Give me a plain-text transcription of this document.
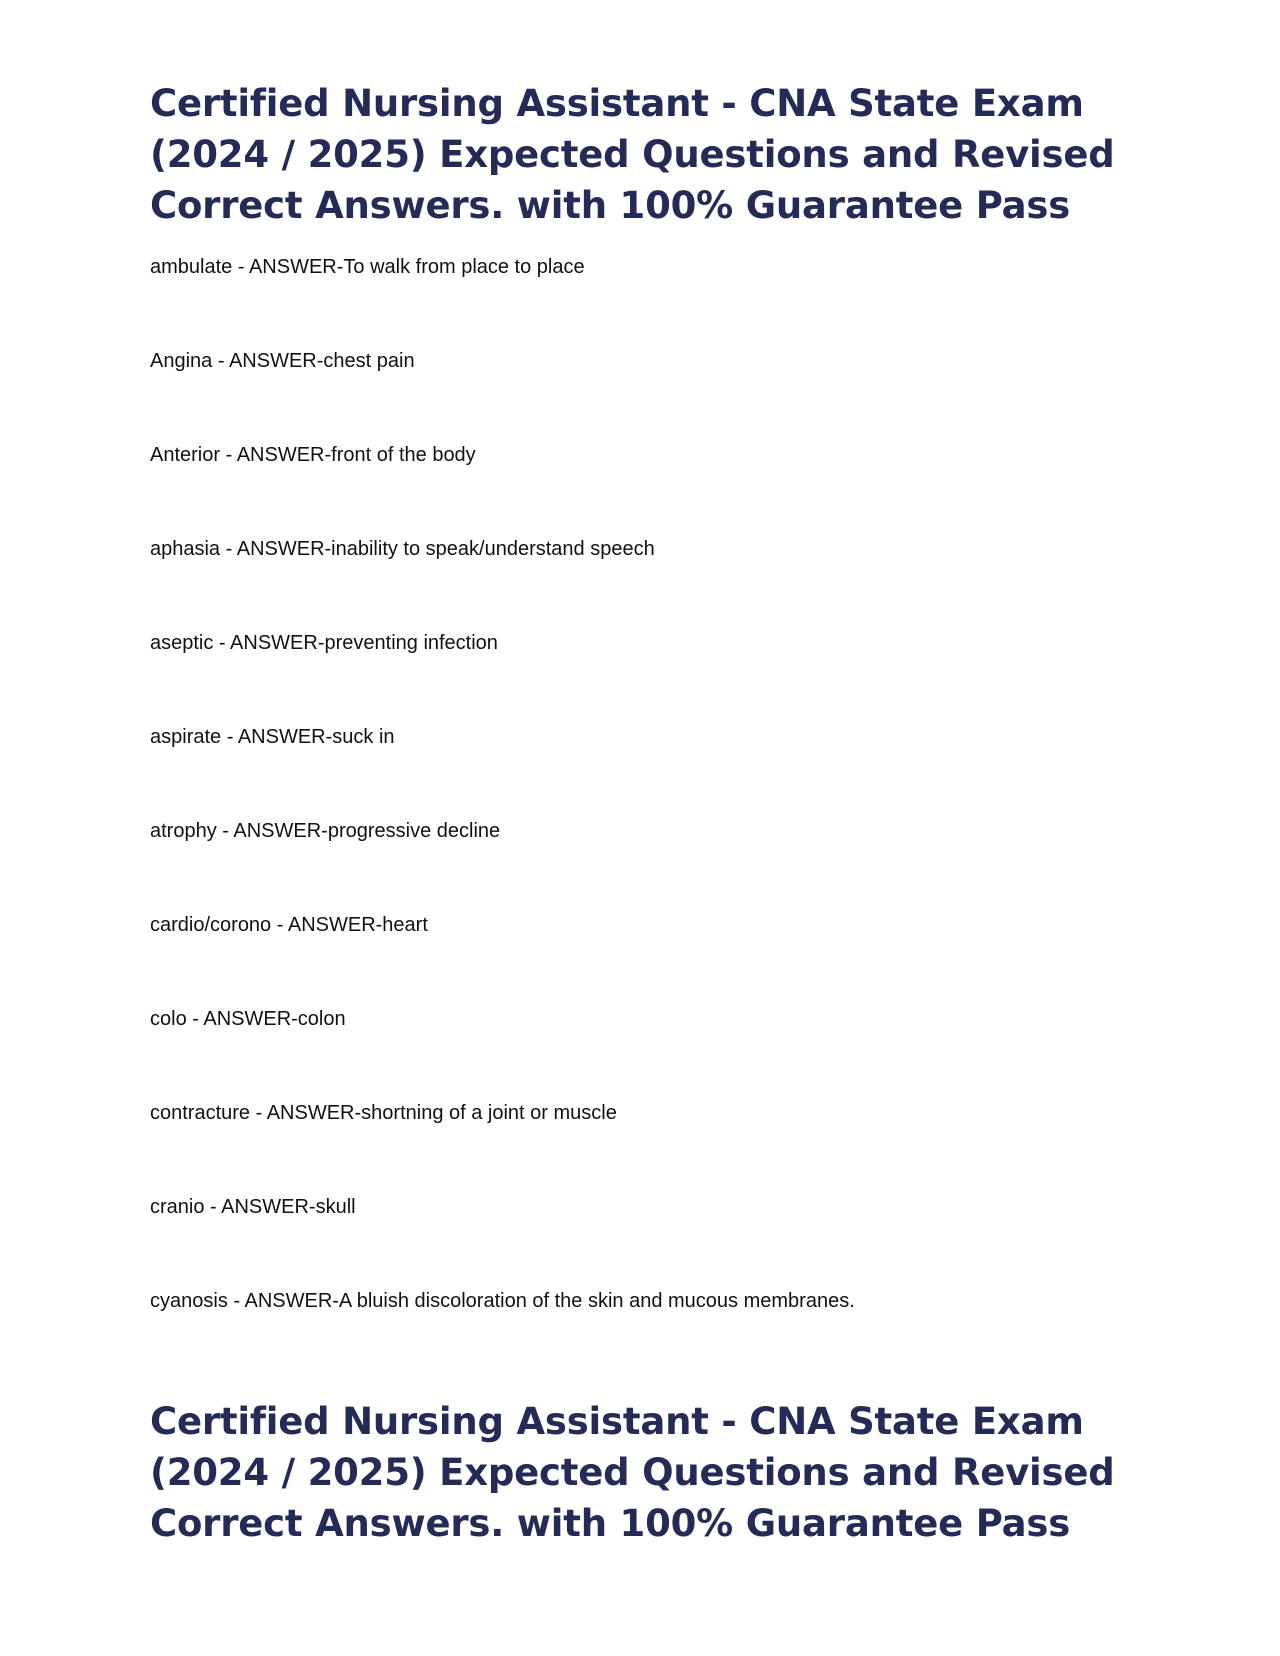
Certified Nursing Assistant - CNA State Exam (2024 / 2025) Expected Questions and Revised Correct Answers. with 100% Guarantee Pass
ambulate - ANSWER-To walk from place to place
Angina - ANSWER-chest pain
Anterior - ANSWER-front of the body
aphasia - ANSWER-inability to speak/understand speech
aseptic - ANSWER-preventing infection
aspirate - ANSWER-suck in
atrophy - ANSWER-progressive decline
cardio/corono - ANSWER-heart
colo - ANSWER-colon
contracture - ANSWER-shortning of a joint or muscle
cranio - ANSWER-skull
cyanosis - ANSWER-A bluish discoloration of the skin and mucous membranes.
Certified Nursing Assistant - CNA State Exam (2024 / 2025) Expected Questions and Revised Correct Answers. with 100% Guarantee Pass
